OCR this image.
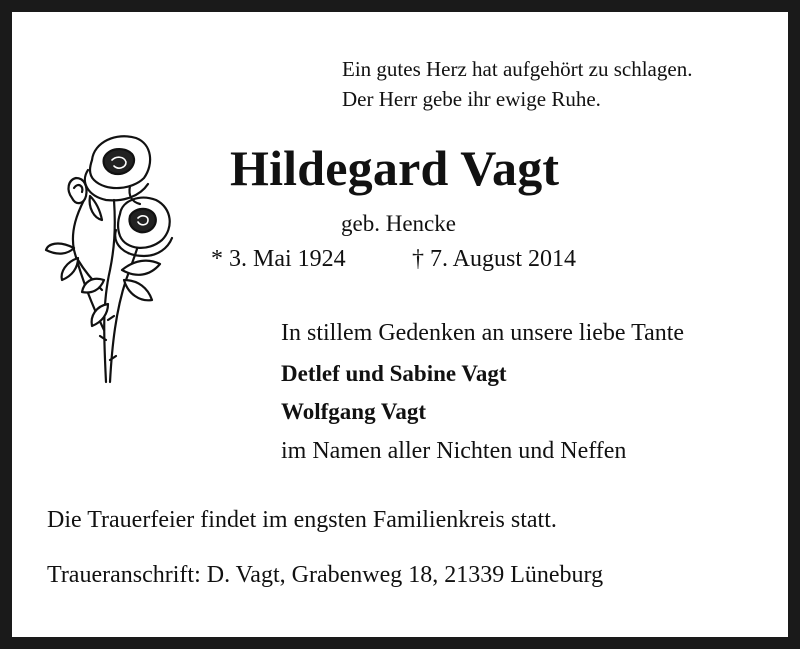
Ein gutes Herz hat aufgehört zu schlagen.
Der Herr gebe ihr ewige Ruhe.
Hildegard Vagt
geb. Hencke
* 3. Mai 1924	† 7. August 2014
In stillem Gedenken an unsere liebe Tante
Detlef und Sabine Vagt
Wolfgang Vagt
im Namen aller Nichten und Neffen
Die Trauerfeier findet im engsten Familienkreis statt.
Traueranschrift: D. Vagt, Grabenweg 18, 21339 Lüneburg
